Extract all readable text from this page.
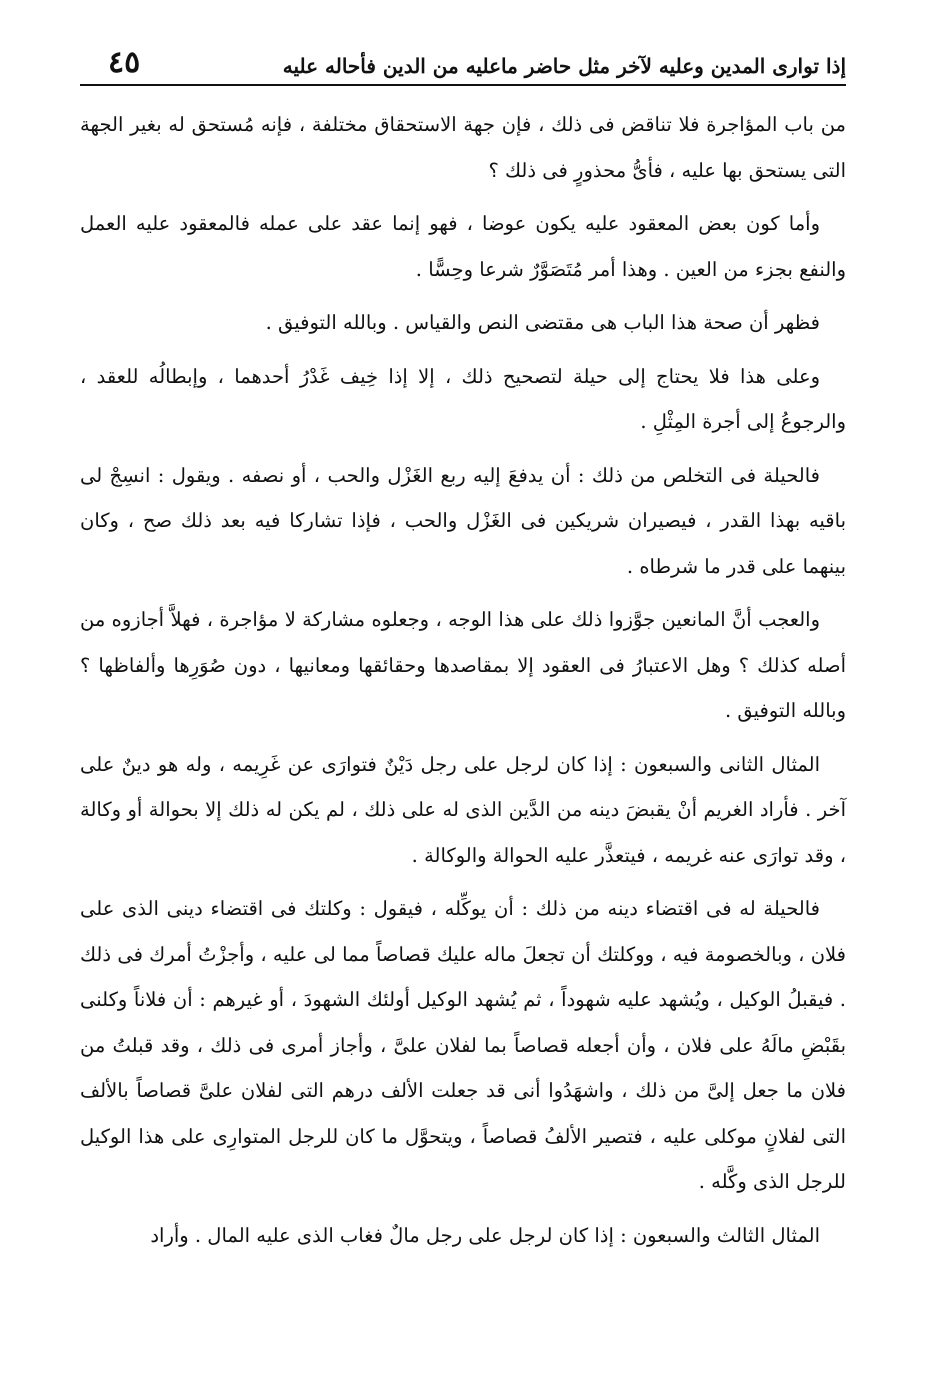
إذا توارى المدين وعليه لآخر مثل حاضر ماعليه من الدين فأحاله عليه
٤٥

من باب المؤاجرة فلا تناقض فى ذلك ، فإن جهة الاستحقاق مختلفة ، فإنه مُستحق له بغير الجهة التى يستحق بها عليه ، فأىُّ محذورٍ فى ذلك ؟

وأما كون بعض المعقود عليه يكون عوضا ، فهو إنما عقد على عمله فالمعقود عليه العمل والنفع بجزء من العين . وهذا أمر مُتَصَوَّرٌ شرعا وحِسًّا .

فظهر أن صحة هذا الباب هى مقتضى النص والقياس . وبالله التوفيق .

وعلى هذا فلا يحتاج إلى حيلة لتصحيح ذلك ، إلا إذا خِيف غَدْرُ أحدهما ، وإبطالُه للعقد ، والرجوعُ إلى أجرة المِثْلِ .

فالحيلة فى التخلص من ذلك : أن يدفعَ إليه ربع الغَزْل والحب ، أو نصفه . ويقول : انسِجْ لى باقيه بهذا القدر ، فيصيران شريكين فى الغَزْل والحب ، فإذا تشاركا فيه بعد ذلك صح ، وكان بينهما على قدر ما شرطاه .

والعجب أنَّ المانعين جوَّزوا ذلك على هذا الوجه ، وجعلوه مشاركة لا مؤاجرة ، فهلاَّ أجازوه من أصله كذلك ؟ وهل الاعتبارُ فى العقود إلا بمقاصدها وحقائقها ومعانيها ، دون صُوَرِها وألفاظها ؟ وبالله التوفيق .

المثال الثانى والسبعون : إذا كان لرجل على رجل دَيْنٌ فتوارَى عن غَرِيمه ، وله هو دينٌ على آخر . فأراد الغريم أنْ يقبضَ دينه من الدَّين الذى له على ذلك ، لم يكن له ذلك إلا بحوالة أو وكالة ، وقد توارَى عنه غريمه ، فيتعذَّر عليه الحوالة والوكالة .

فالحيلة له فى اقتضاء دينه من ذلك : أن يوكِّله ، فيقول : وكلتك فى اقتضاء دينى الذى على فلان ، وبالخصومة فيه ، ووكلتك أن تجعلَ ماله عليك قصاصاً مما لى عليه ، وأجزْتُ أمرك فى ذلك . فيقبلُ الوكيل ، ويُشهد عليه شهوداً ، ثم يُشهد الوكيل أولئك الشهودَ ، أو غيرهم : أن فلاناً وكلنى بقَبْضِ مالَهُ على فلان ، وأن أجعله قصاصاً بما لفلان علىَّ ، وأجاز أمرى فى ذلك ، وقد قبلتُ من فلان ما جعل إلىَّ من ذلك ، واشهَدُوا أنى قد جعلت الألف درهم التى لفلان علىَّ قصاصاً بالألف التى لفلانٍ موكلى عليه ، فتصير الألفُ قصاصاً ، ويتحوَّل ما كان للرجل المتوارِى على هذا الوكيل للرجل الذى وكَّله .

المثال الثالث والسبعون : إذا كان لرجل على رجل مالٌ فغاب الذى عليه المال . وأراد
